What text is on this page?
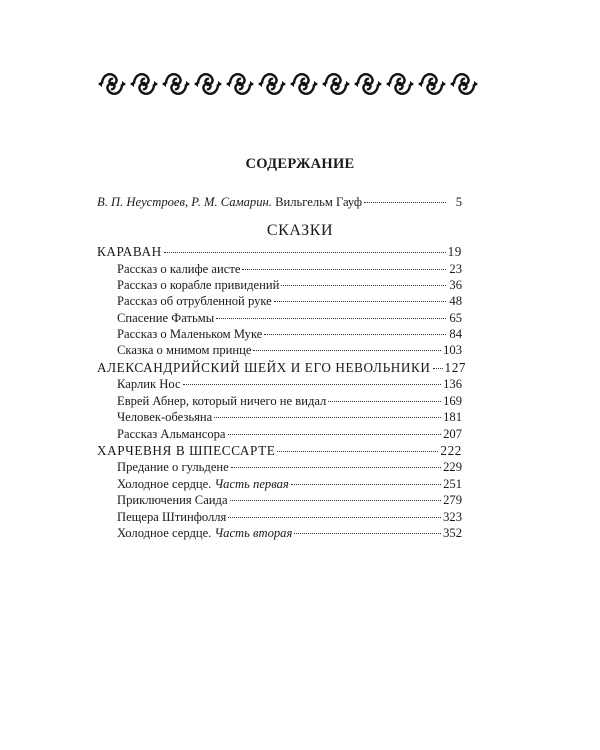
СОДЕРЖАНИЕ
В. П. Неустроев, Р. М. Самарин. Вильгельм Гауф	5
СКАЗКИ
КАРАВАН	19
Рассказ о калифе аисте	23
Рассказ о корабле привидений	36
Рассказ об отрубленной руке	48
Спасение Фатьмы	65
Рассказ о Маленьком Муке	84
Сказка о мнимом принце	103
АЛЕКСАНДРИЙСКИЙ ШЕЙХ И ЕГО НЕВОЛЬНИКИ 127
Карлик Нос	136
Еврей Абнер, который ничего не видал	169
Человек-обезьяна	181
Рассказ Альмансора	207
ХАРЧЕВНЯ В ШПЕССАРТЕ	222
Предание о гульдене	229
Холодное сердце. Часть первая	251
Приключения Саида	279
Пещера Штинфолля	323
Холодное сердце. Часть вторая	352
